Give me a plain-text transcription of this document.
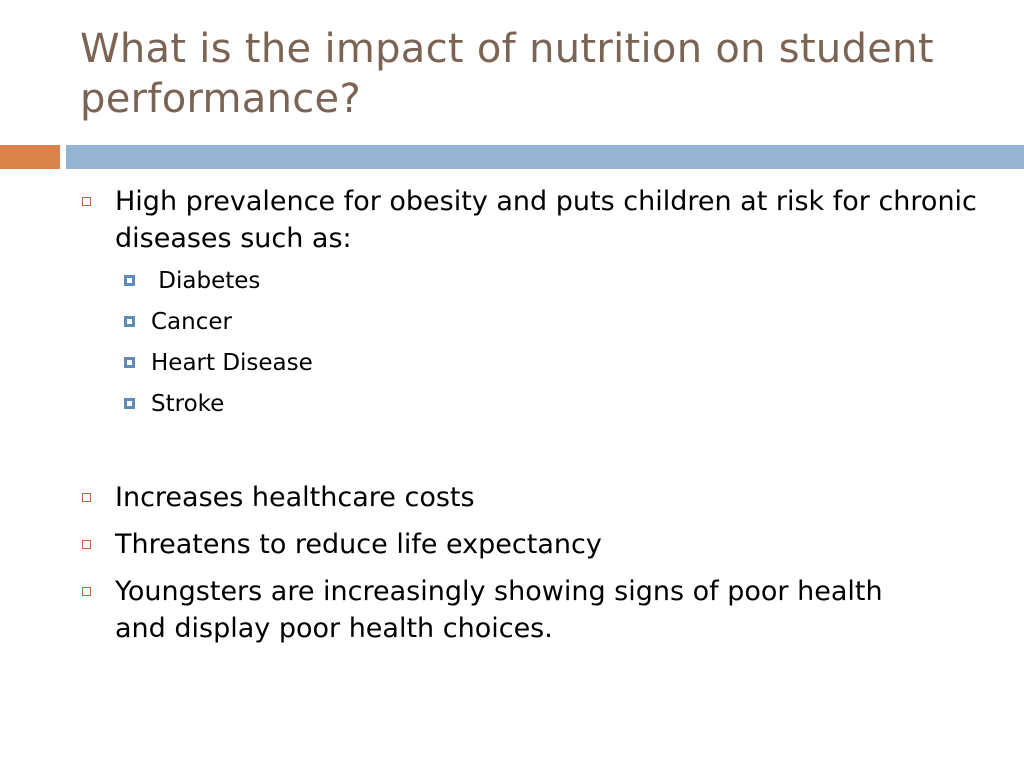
What is the impact of nutrition on student performance?
High prevalence for obesity and puts children at risk for chronic diseases such as:
Diabetes
Cancer
Heart Disease
Stroke
Increases healthcare costs
Threatens to reduce life expectancy
Youngsters are increasingly showing signs of poor health and display poor health choices.
